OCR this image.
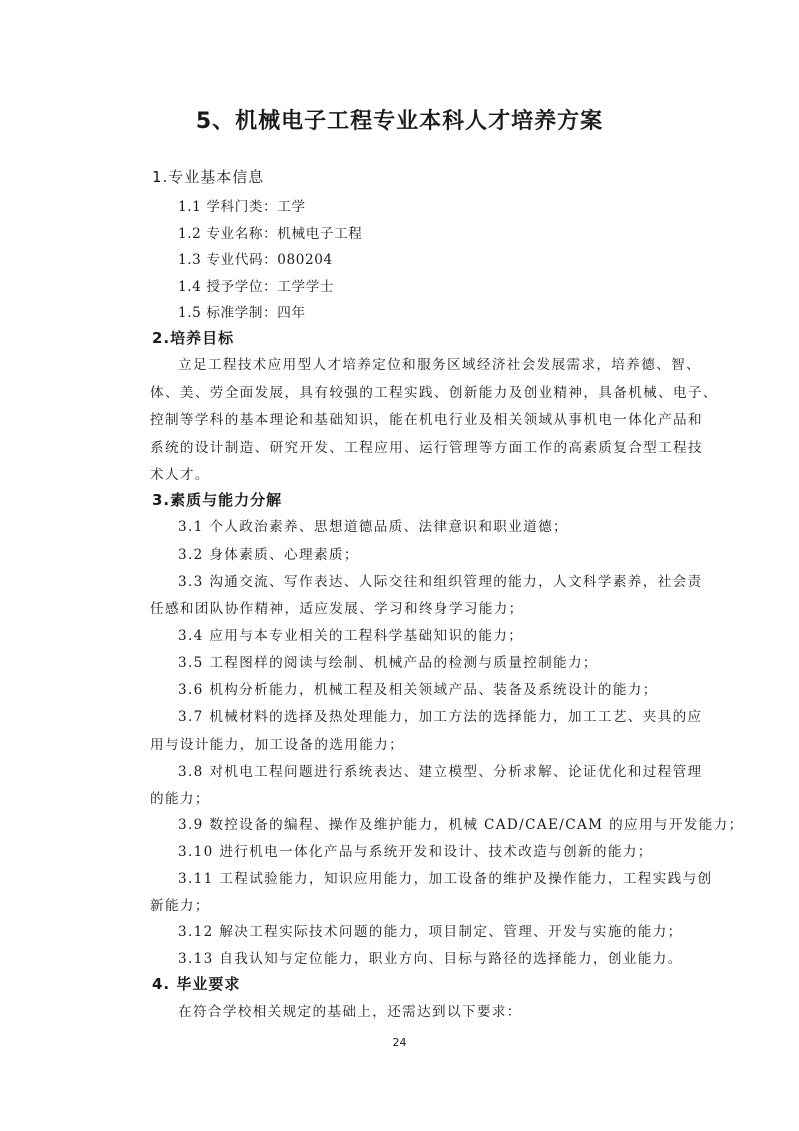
5、机械电子工程专业本科人才培养方案
1.专业基本信息
1.1 学科门类：工学
1.2 专业名称：机械电子工程
1.3 专业代码：080204
1.4 授予学位：工学学士
1.5 标准学制：四年
2.培养目标
立足工程技术应用型人才培养定位和服务区域经济社会发展需求，培养德、智、
体、美、劳全面发展，具有较强的工程实践、创新能力及创业精神，具备机械、电子、
控制等学科的基本理论和基础知识，能在机电行业及相关领域从事机电一体化产品和
系统的设计制造、研究开发、工程应用、运行管理等方面工作的高素质复合型工程技
术人才。
3.素质与能力分解
3.1 个人政治素养、思想道德品质、法律意识和职业道德；
3.2 身体素质、心理素质；
3.3 沟通交流、写作表达、人际交往和组织管理的能力，人文科学素养，社会责
任感和团队协作精神，适应发展、学习和终身学习能力；
3.4 应用与本专业相关的工程科学基础知识的能力；
3.5 工程图样的阅读与绘制、机械产品的检测与质量控制能力；
3.6 机构分析能力，机械工程及相关领域产品、装备及系统设计的能力；
3.7 机械材料的选择及热处理能力，加工方法的选择能力，加工工艺、夹具的应
用与设计能力，加工设备的选用能力；
3.8 对机电工程问题进行系统表达、建立模型、分析求解、论证优化和过程管理
的能力；
3.9 数控设备的编程、操作及维护能力，机械 CAD/CAE/CAM 的应用与开发能力；
3.10 进行机电一体化产品与系统开发和设计、技术改造与创新的能力；
3.11 工程试验能力，知识应用能力，加工设备的维护及操作能力，工程实践与创
新能力；
3.12 解决工程实际技术问题的能力，项目制定、管理、开发与实施的能力；
3.13 自我认知与定位能力，职业方向、目标与路径的选择能力，创业能力。
4. 毕业要求
在符合学校相关规定的基础上，还需达到以下要求：
24
